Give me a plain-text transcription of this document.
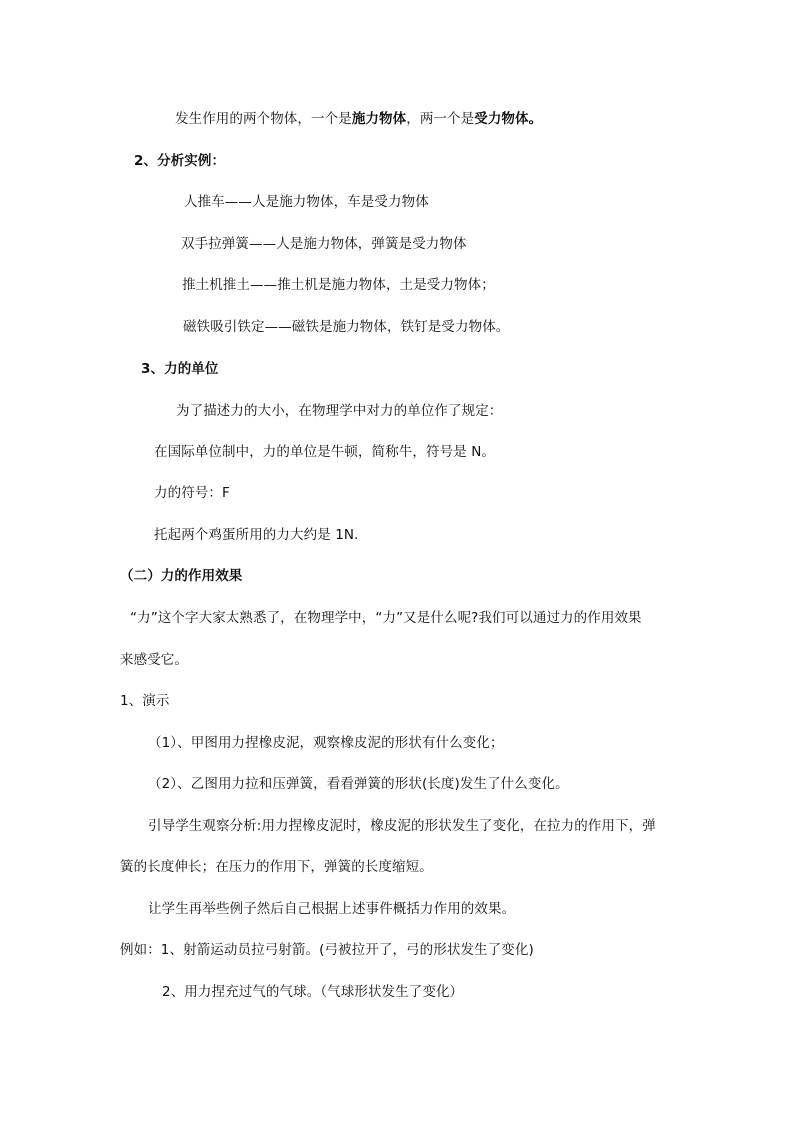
发生作用的两个物体，一个是施力物体，两一个是受力物体。
2、分析实例：
人推车——人是施力物体，车是受力物体
双手拉弹簧——人是施力物体，弹簧是受力物体
推土机推土——推土机是施力物体，土是受力物体；
磁铁吸引铁定——磁铁是施力物体，铁钉是受力物体。
3、力的单位
为了描述力的大小，在物理学中对力的单位作了规定：
在国际单位制中，力的单位是牛顿，简称牛，符号是 N。
力的符号：F
托起两个鸡蛋所用的力大约是 1N.
（二）力的作用效果
“力”这个字大家太熟悉了，在物理学中，“力”又是什么呢?我们可以通过力的作用效果
来感受它。
1、演示
（1）、甲图用力捏橡皮泥，观察橡皮泥的形状有什么变化；
（2）、乙图用力拉和压弹簧，看看弹簧的形状(长度)发生了什么变化。
引导学生观察分析:用力捏橡皮泥时，橡皮泥的形状发生了变化，在拉力的作用下，弹
簧的长度伸长；在压力的作用下，弹簧的长度缩短。
让学生再举些例子然后自己根据上述事件概括力作用的效果。
例如：1、射箭运动员拉弓射箭。(弓被拉开了，弓的形状发生了变化)
2、用力捏充过气的气球。（气球形状发生了变化）
